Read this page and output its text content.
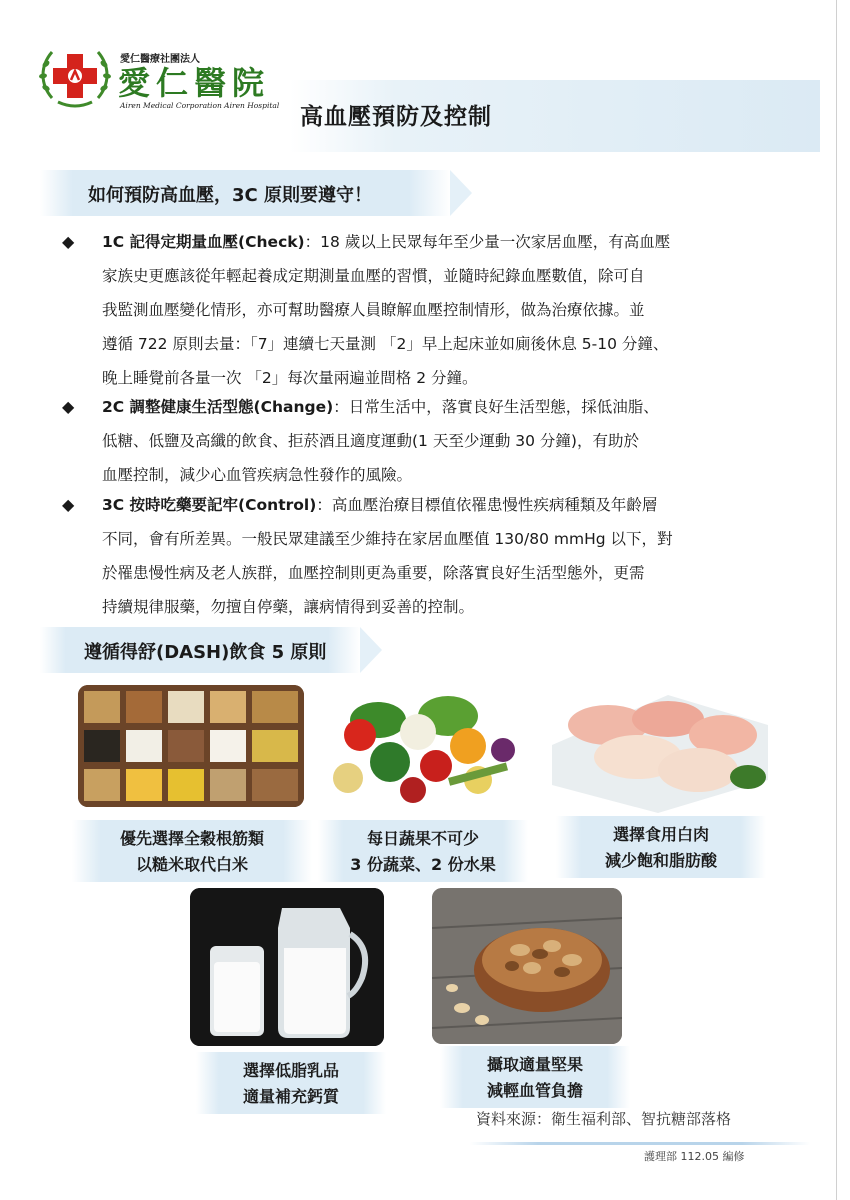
愛仁醫療社團法人
愛仁醫院
Airen Medical Corporation Airen Hospital 高血壓預防及控制
如何預防高血壓，3C 原則要遵守！
◆ 1C 記得定期量血壓(Check)：18 歲以上民眾每年至少量一次家居血壓，有高血壓
家族史更應該從年輕起養成定期測量血壓的習慣，並隨時紀錄血壓數值，除可自
我監測血壓變化情形，亦可幫助醫療人員瞭解血壓控制情形，做為治療依據。並
遵循 722 原則去量：「7」連續七天量測 「2」早上起床並如廁後休息 5-10 分鐘、
晚上睡覺前各量一次 「2」每次量兩遍並間格 2 分鐘。
◆ 2C 調整健康生活型態(Change)：日常生活中，落實良好生活型態，採低油脂、
低糖、低鹽及高纖的飲食、拒菸酒且適度運動(1 天至少運動 30 分鐘)，有助於
血壓控制，減少心血管疾病急性發作的風險。
◆ 3C 按時吃藥要記牢(Control)：高血壓治療目標值依罹患慢性疾病種類及年齡層
不同，會有所差異。一般民眾建議至少維持在家居血壓值 130/80 mmHg 以下，對
於罹患慢性病及老人族群，血壓控制則更為重要，除落實良好生活型態外，更需
持續規律服藥，勿擅自停藥，讓病情得到妥善的控制。
遵循得舒(DASH)飲食 5 原則
優先選擇全穀根筋類
以糙米取代白米
每日蔬果不可少
3 份蔬菜、2 份水果
選擇食用白肉
減少飽和脂肪酸
選擇低脂乳品
適量補充鈣質
攝取適量堅果
減輕血管負擔
資料來源：衛生福利部、智抗糖部落格
護理部 112.05 編修
